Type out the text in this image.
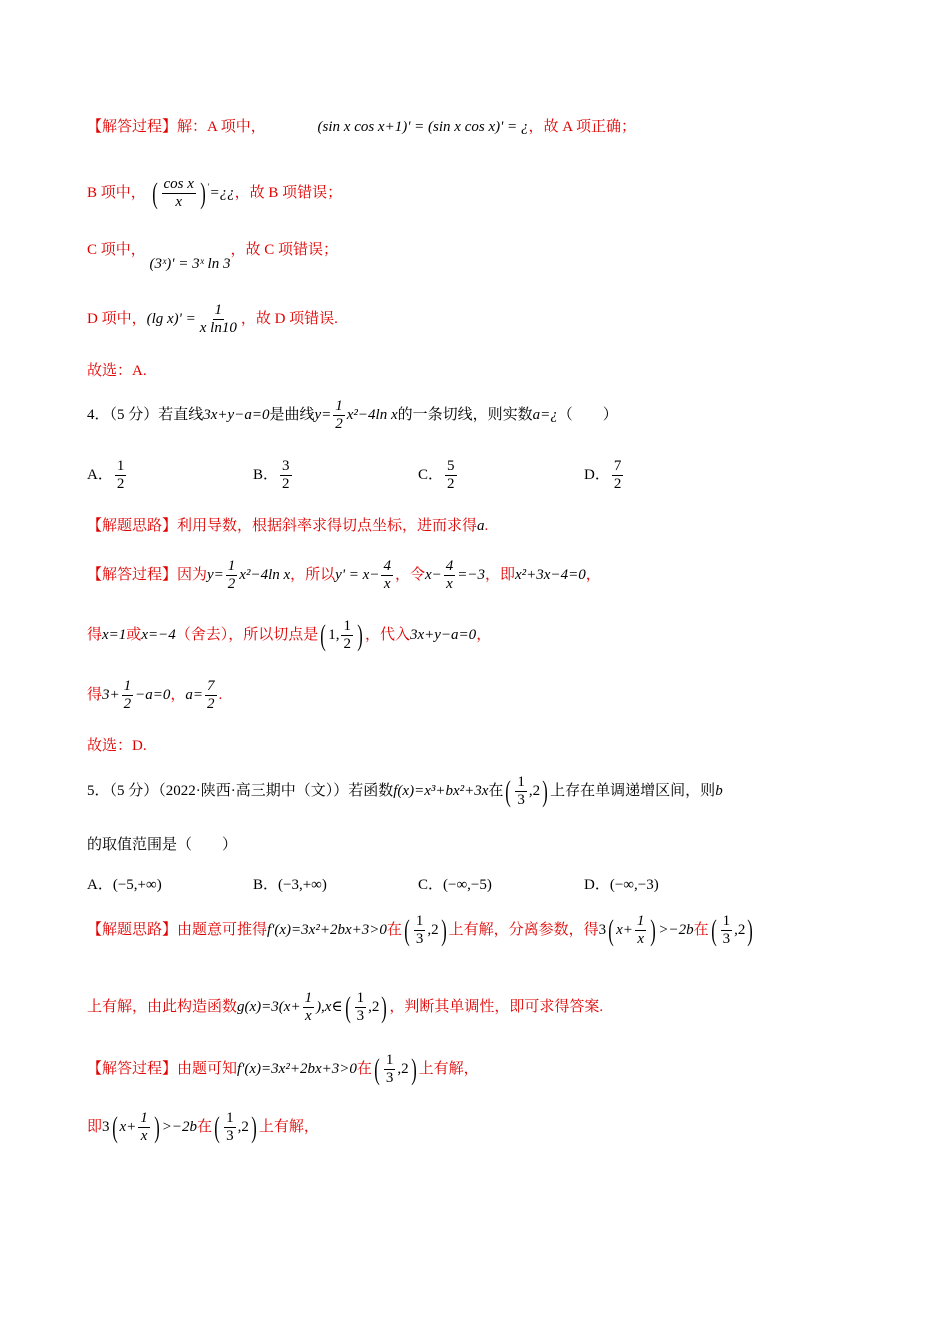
【解答过程】解：A 项中，	(sin x cos x+1)' = (sin x cos x)' = ¿，故 A 项正确；
B 项中， ( $\frac{\text{cos x}}{x}$ ) '=¿¿，故 B 项错误；
C 项中， (3ˣ)' = 3ˣ ln 3，故 C 项错误；
D 项中，(lg $x)' = \frac{1}{\text{x ln10}}$ ，故 D 项错误.
故选：A.
4．（5 分）若直线3x+y−a=0是曲线$y= \frac{1}{2} x^2-4\ln$ x的一条切线，则实数a=¿（　　）
A． $\frac{1}{2}$	B． $\frac{3}{2}$	C． $\frac{5}{2}$	D． $\frac{7}{2}$
【解题思路】利用导数，根据斜率求得切点坐标，进而求得a.
【解答过程】因为$y= \frac{1}{2} x^2-4\ln$ x，所以$y' = x- \frac{4}{x}$ ，令$x- \frac{4}{x} =-3$，即x²+3x−4=0，
得x=1或x=−4（舍去），所以切点是( 1, $\frac{1}{2}$ ) ，代入3x+y−a=0，
得$3+ \frac{1}{2} -a=0$，$a= \frac{7}{2}$ .
故选：D.
5．（5 分）（2022·陕西·高三期中（文））若函数f(x)=x³+bx²+3x在( $\frac{1}{3} ,2$) 上存在单调递增区间，则b
的取值范围是（　　）
A．(−5,+∞)	B．(−3,+∞)	C．(−∞,−5)	D．(−∞,−3)
【解题思路】由题意可推得f'(x)=3x²+2bx+3>0在( $\frac{1}{3} ,2$) 上有解，分离参数，得3( $x+ \frac{1}{x}$ ) >−2b在( $\frac{1}{3} ,2$)
上有解，由此构造函数$g(x)=3(x+ \frac{1}{x}$ ),x∈( $\frac{1}{3} ,2$) ，判断其单调性，即可求得答案.
【解答过程】由题可知f'(x)=3x²+2bx+3>0在( $\frac{1}{3} ,2$) 上有解，
即3( $x+ \frac{1}{x}$ ) >−2b在( $\frac{1}{3} ,2$) 上有解，
